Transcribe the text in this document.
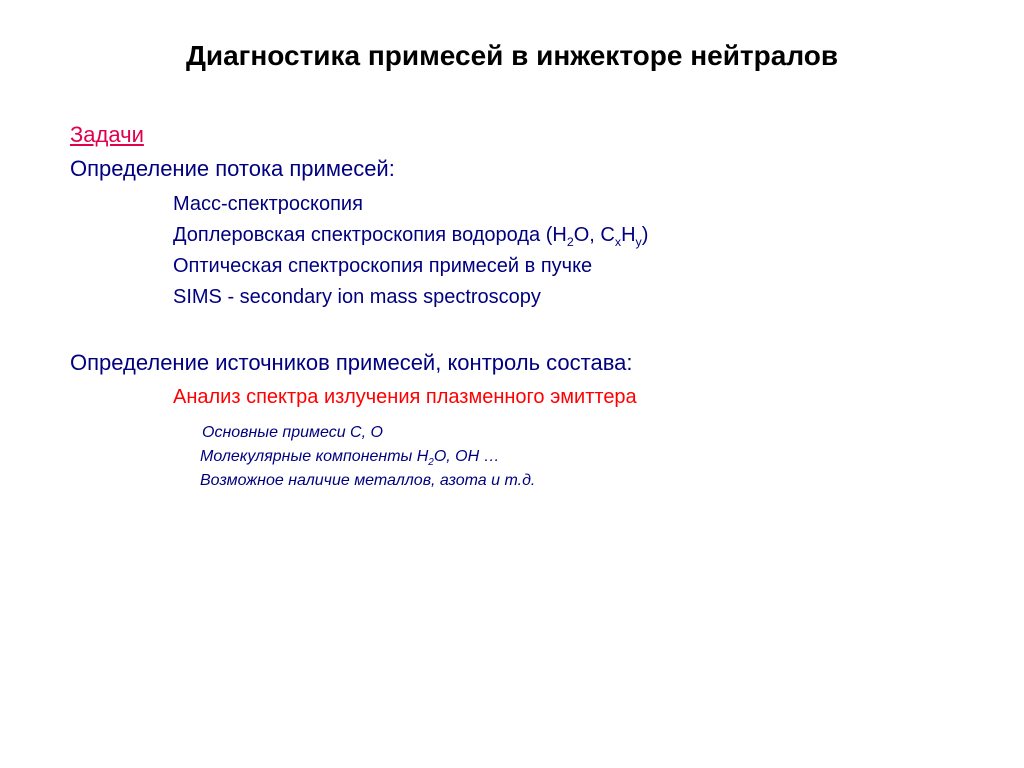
Диагностика примесей в инжекторе нейтралов
Задачи
Определение потока примесей:
Масс-спектроскопия
Доплеровская спектроскопия водорода ($H_2O$, $C_xH_y$)
Оптическая спектроскопия примесей в пучке
SIMS - secondary ion mass spectroscopy
Определение источников примесей, контроль состава:
Анализ спектра излучения плазменного эмиттера
Основные примеси C, O
Молекулярные компоненты $H_2O$, OH …
Возможное наличие металлов, азота и т.д.
